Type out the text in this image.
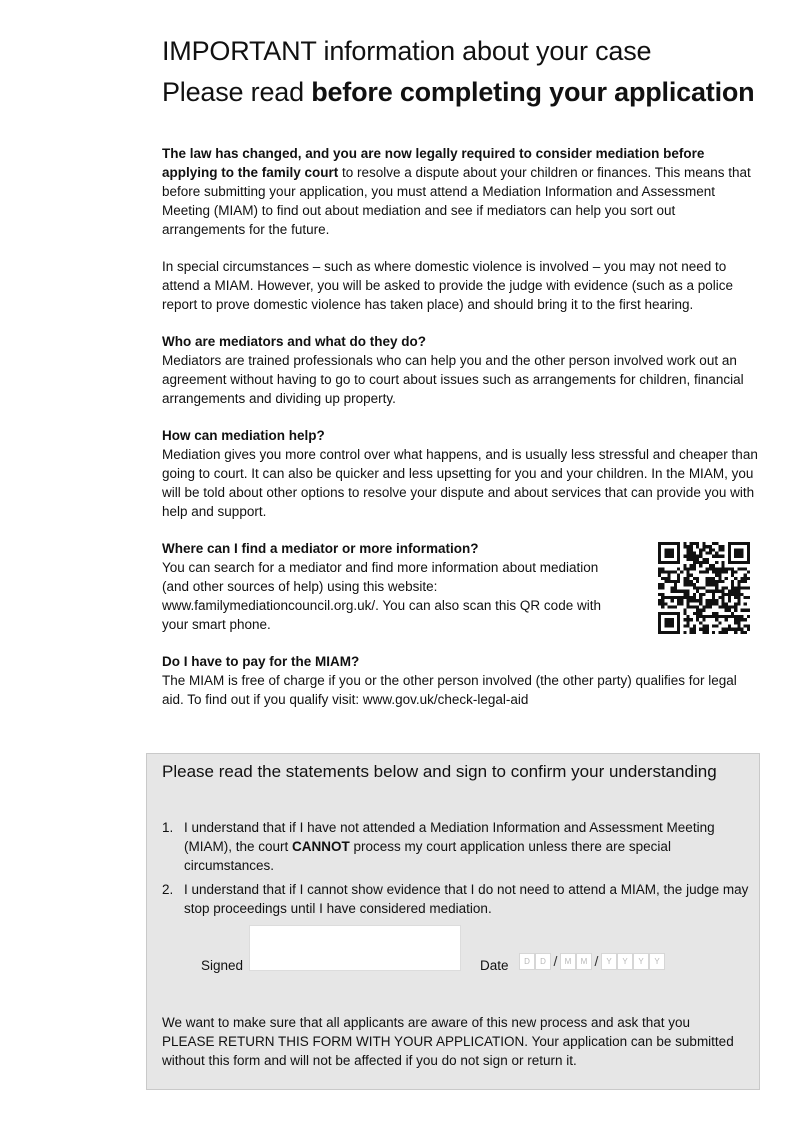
IMPORTANT information about your case
Please read before completing your application

The law has changed, and you are now legally required to consider mediation before applying to the family court to resolve a dispute about your children or finances. This means that before submitting your application, you must attend a Mediation Information and Assessment Meeting (MIAM) to find out about mediation and see if mediators can help you sort out arrangements for the future.

In special circumstances – such as where domestic violence is involved – you may not need to attend a MIAM. However, you will be asked to provide the judge with evidence (such as a police report to prove domestic violence has taken place) and should bring it to the first hearing.

Who are mediators and what do they do?

Mediators are trained professionals who can help you and the other person involved work out an agreement without having to go to court about issues such as arrangements for children, financial arrangements and dividing up property.

How can mediation help?

Mediation gives you more control over what happens, and is usually less stressful and cheaper than going to court. It can also be quicker and less upsetting for you and your children. In the MIAM, you will be told about other options to resolve your dispute and about services that can provide you with help and support.

Where can I find a mediator or more information?

You can search for a mediator and find more information about mediation (and other sources of help) using this website: www.familymediationcouncil.org.uk/. You can also scan this QR code with your smart phone.

Do I have to pay for the MIAM?

The MIAM is free of charge if you or the other person involved (the other party) qualifies for legal aid. To find out if you qualify visit: www.gov.uk/check-legal-aid

Please read the statements below and sign to confirm your understanding
1. I understand that if I have not attended a Mediation Information and Assessment Meeting (MIAM), the court CANNOT process my court application unless there are special circumstances.
2. I understand that if I cannot show evidence that I do not need to attend a MIAM, the judge may stop proceedings until I have considered mediation.
Signed	Date	D	D / M	M / Y	Y	Y	Y

We want to make sure that all applicants are aware of this new process and ask that you

PLEASE RETURN THIS FORM WITH YOUR APPLICATION. Your application can be submitted without this form and will not be affected if you do not sign or return it.
